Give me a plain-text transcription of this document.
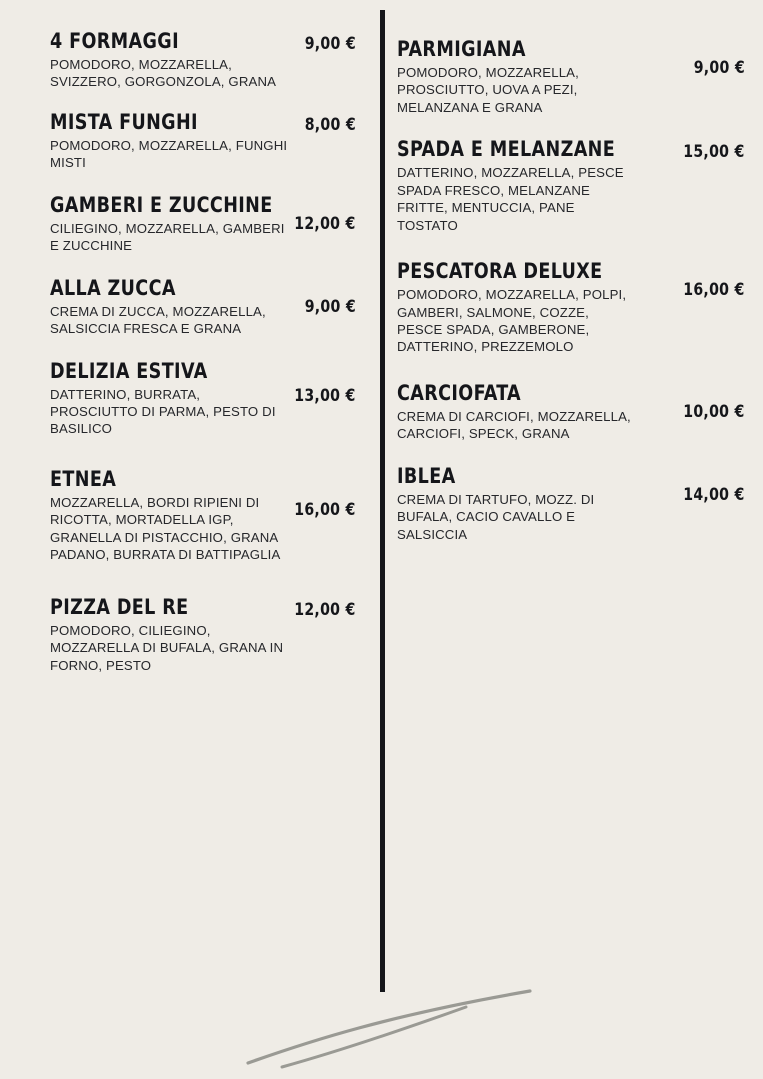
4 FORMAGGI
POMODORO, MOZZARELLA, SVIZZERO, GORGONZOLA, GRANA
9,00 €
MISTA FUNGHI
POMODORO, MOZZARELLA, FUNGHI MISTI
8,00 €
GAMBERI E ZUCCHINE
CILIEGINO, MOZZARELLA, GAMBERI E ZUCCHINE
12,00 €
ALLA ZUCCA
CREMA DI ZUCCA, MOZZARELLA, SALSICCIA FRESCA E GRANA
9,00 €
DELIZIA ESTIVA
DATTERINO, BURRATA, PROSCIUTTO DI PARMA, PESTO DI BASILICO
13,00 €
ETNEA
MOZZARELLA, BORDI RIPIENI DI RICOTTA, MORTADELLA IGP, GRANELLA DI PISTACCHIO, GRANA PADANO, BURRATA DI BATTIPAGLIA
16,00 €
PIZZA DEL RE
POMODORO, CILIEGINO, MOZZARELLA DI BUFALA, GRANA IN FORNO, PESTO
12,00 €
PARMIGIANA
POMODORO, MOZZARELLA, PROSCIUTTO, UOVA A PEZI, MELANZANA E GRANA
9,00 €
SPADA E MELANZANE
DATTERINO, MOZZARELLA, PESCE SPADA FRESCO, MELANZANE FRITTE, MENTUCCIA, PANE TOSTATO
15,00 €
PESCATORA DELUXE
POMODORO, MOZZARELLA, POLPI, GAMBERI, SALMONE, COZZE, PESCE SPADA, GAMBERONE, DATTERINO, PREZZEMOLO
16,00 €
CARCIOFATA
CREMA DI CARCIOFI, MOZZARELLA, CARCIOFI, SPECK, GRANA
10,00 €
IBLEA
CREMA DI TARTUFO, MOZZ. DI BUFALA, CACIO CAVALLO E SALSICCIA
14,00 €
